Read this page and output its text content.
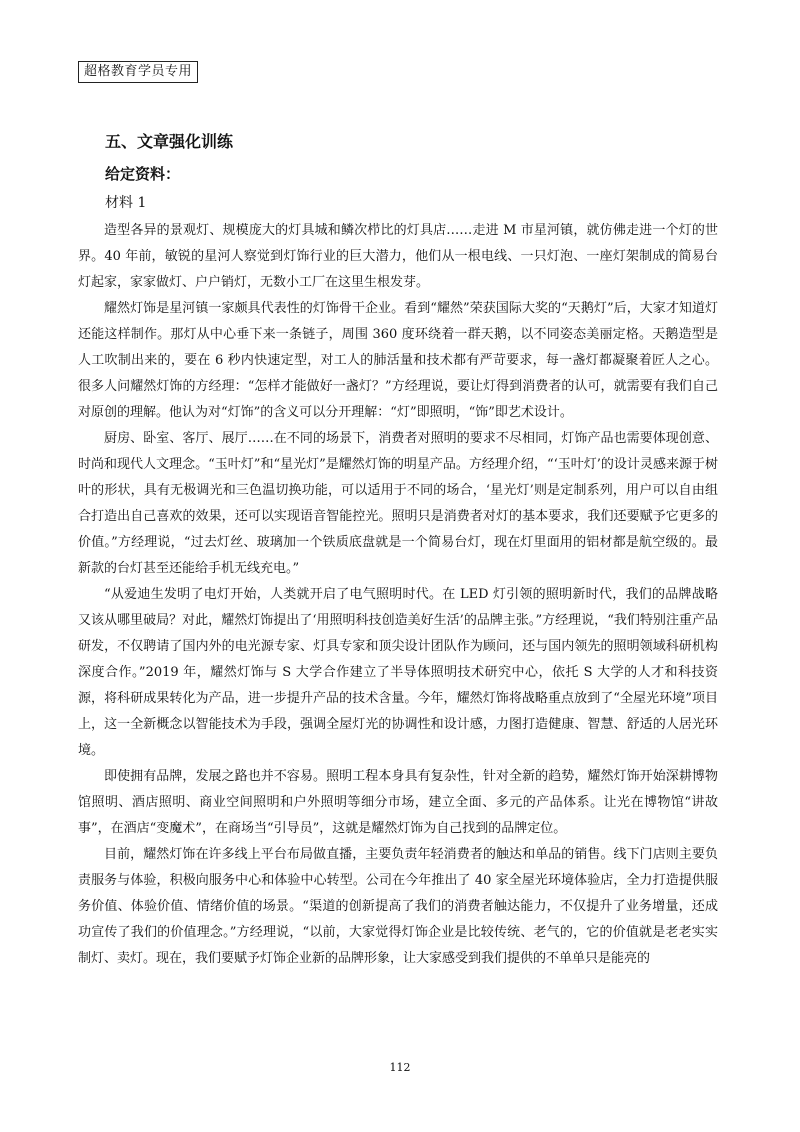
超格教育学员专用
五、文章强化训练
给定资料：
材料 1

造型各异的景观灯、规模庞大的灯具城和鳞次栉比的灯具店……走进 M 市星河镇，就仿佛走进一个灯的世界。40 年前，敏锐的星河人察觉到灯饰行业的巨大潜力，他们从一根电线、一只灯泡、一座灯架制成的简易台灯起家，家家做灯、户户销灯，无数小工厂在这里生根发芽。

耀然灯饰是星河镇一家颇具代表性的灯饰骨干企业。看到“耀然”荣获国际大奖的“天鹅灯”后，大家才知道灯还能这样制作。那灯从中心垂下来一条链子，周围 360 度环绕着一群天鹅，以不同姿态美丽定格。天鹅造型是人工吹制出来的，要在 6 秒内快速定型，对工人的肺活量和技术都有严苛要求，每一盏灯都凝聚着匠人之心。很多人问耀然灯饰的方经理：“怎样才能做好一盏灯？”方经理说，要让灯得到消费者的认可，就需要有我们自己对原创的理解。他认为对“灯饰”的含义可以分开理解：“灯”即照明，“饰”即艺术设计。

厨房、卧室、客厅、展厅……在不同的场景下，消费者对照明的要求不尽相同，灯饰产品也需要体现创意、时尚和现代人文理念。“玉叶灯”和“星光灯”是耀然灯饰的明星产品。方经理介绍，“‘玉叶灯’的设计灵感来源于树叶的形状，具有无极调光和三色温切换功能，可以适用于不同的场合，‘星光灯’则是定制系列，用户可以自由组合打造出自己喜欢的效果，还可以实现语音智能控光。照明只是消费者对灯的基本要求，我们还要赋予它更多的价值。”方经理说，“过去灯丝、玻璃加一个铁质底盘就是一个简易台灯，现在灯里面用的铝材都是航空级的。最新款的台灯甚至还能给手机无线充电。”

“从爱迪生发明了电灯开始，人类就开启了电气照明时代。在 LED 灯引领的照明新时代，我们的品牌战略又该从哪里破局？对此，耀然灯饰提出了‘用照明科技创造美好生活’的品牌主张。”方经理说，“我们特别注重产品研发，不仅聘请了国内外的电光源专家、灯具专家和顶尖设计团队作为顾问，还与国内领先的照明领域科研机构深度合作。”2019 年，耀然灯饰与 S 大学合作建立了半导体照明技术研究中心，依托 S 大学的人才和科技资源，将科研成果转化为产品，进一步提升产品的技术含量。今年，耀然灯饰将战略重点放到了“全屋光环境”项目上，这一全新概念以智能技术为手段，强调全屋灯光的协调性和设计感，力图打造健康、智慧、舒适的人居光环境。

即使拥有品牌，发展之路也并不容易。照明工程本身具有复杂性，针对全新的趋势，耀然灯饰开始深耕博物馆照明、酒店照明、商业空间照明和户外照明等细分市场，建立全面、多元的产品体系。让光在博物馆“讲故事”，在酒店“变魔术”，在商场当“引导员”，这就是耀然灯饰为自己找到的品牌定位。

目前，耀然灯饰在许多线上平台布局做直播，主要负责年轻消费者的触达和单品的销售。线下门店则主要负责服务与体验，积极向服务中心和体验中心转型。公司在今年推出了 40 家全屋光环境体验店，全力打造提供服务价值、体验价值、情绪价值的场景。“渠道的创新提高了我们的消费者触达能力，不仅提升了业务增量，还成功宣传了我们的价值理念。”方经理说，“以前，大家觉得灯饰企业是比较传统、老气的，它的价值就是老老实实制灯、卖灯。现在，我们要赋予灯饰企业新的品牌形象，让大家感受到我们提供的不单单只是能亮的

112
